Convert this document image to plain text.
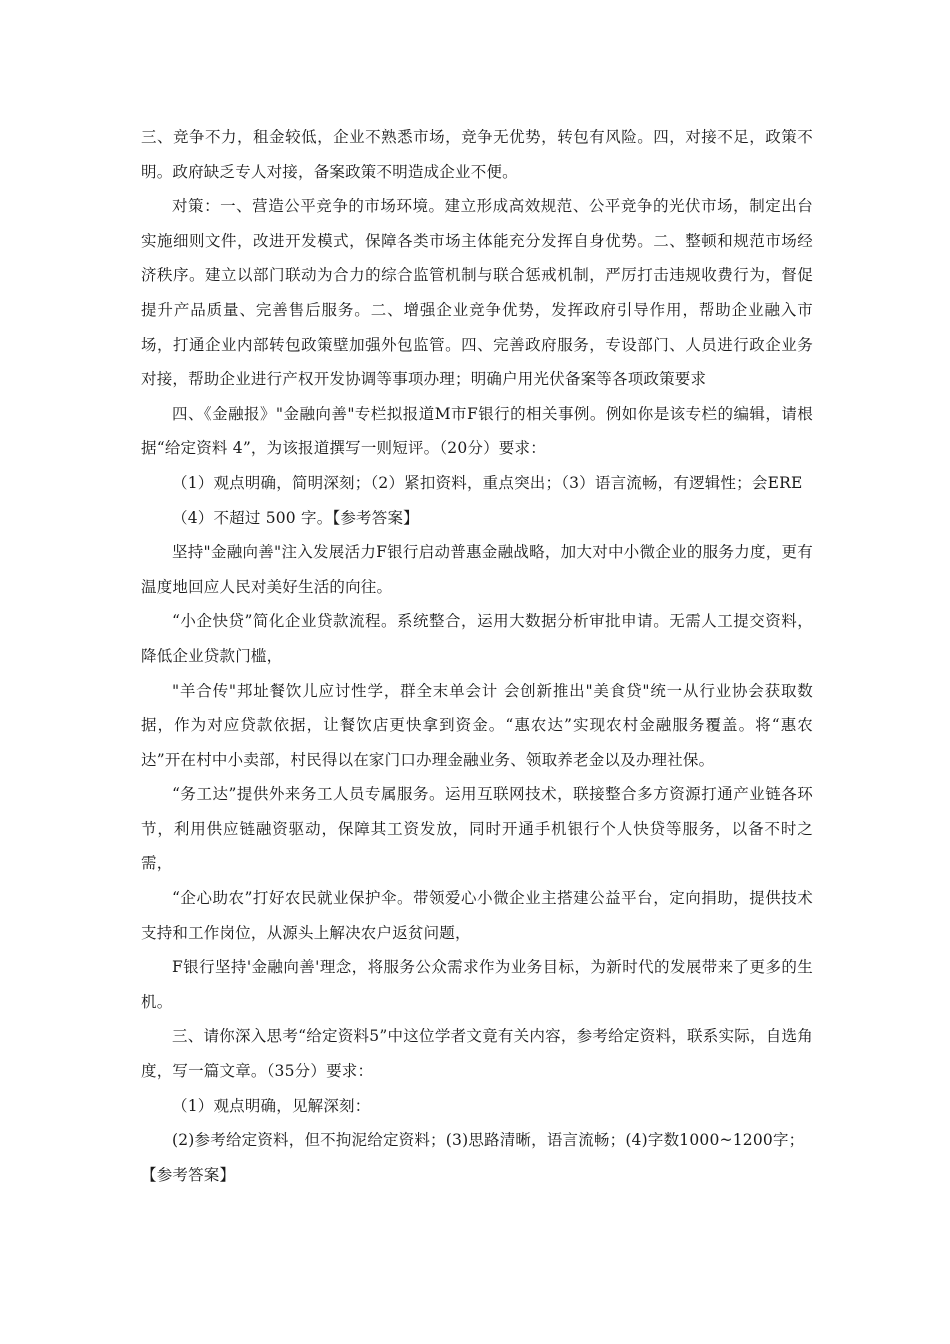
三、竞争不力，租金较低，企业不熟悉市场，竞争无优势，转包有风险。四，对接不足，政策不明。政府缺乏专人对接，备案政策不明造成企业不便。

对策：一、营造公平竞争的市场环境。建立形成高效规范、公平竞争的光伏市场，制定出台实施细则文件，改进开发模式，保障各类市场主体能充分发挥自身优势。二、整顿和规范市场经济秩序。建立以部门联动为合力的综合监管机制与联合惩戒机制，严厉打击违规收费行为，督促提升产品质量、完善售后服务。二、增强企业竞争优势，发挥政府引导作用，帮助企业融入市场，打通企业内部转包政策壁加强外包监管。四、完善政府服务，专设部门、人员进行政企业务对接，帮助企业进行产权开发协调等事项办理；明确户用光伏备案等各项政策要求

四、《金融报》"金融向善"专栏拟报道M市F银行的相关事例。例如你是该专栏的编辑，请根据“给定资料 4”，为该报道撰写一则短评。（20分）要求：

（1）观点明确，简明深刻；（2）紧扣资料，重点突出；（3）语言流畅，有逻辑性；会ERE

（4）不超过 500 字。【参考答案】

坚持"金融向善"注入发展活力F银行启动普惠金融战略，加大对中小微企业的服务力度，更有温度地回应人民对美好生活的向往。

“小企快贷”简化企业贷款流程。系统整合，运用大数据分析审批申请。无需人工提交资料，降低企业贷款门槛，

"羊合传"邦址餐饮儿应讨性学，群全末单会计 会创新推出"美食贷"统一从行业协会获取数据，作为对应贷款依据，让餐饮店更快拿到资金。“惠农达”实现农村金融服务覆盖。将“惠农达”开在村中小卖部，村民得以在家门口办理金融业务、领取养老金以及办理社保。

“务工达”提供外来务工人员专属服务。运用互联网技术，联接整合多方资源打通产业链各环节，利用供应链融资驱动，保障其工资发放，同时开通手机银行个人快贷等服务，以备不时之需，

“企心助农”打好农民就业保护伞。带领爱心小微企业主搭建公益平台，定向捐助，提供技术支持和工作岗位，从源头上解决农户返贫问题，

F银行坚持'金融向善'理念，将服务公众需求作为业务目标，为新时代的发展带来了更多的生机。

三、请你深入思考“给定资料5”中这位学者文竟有关内容，参考给定资料，联系实际，自选角度，写一篇文章。（35分）要求：

（1）观点明确，见解深刻：

(2)参考给定资料，但不拘泥给定资料；(3)思路清晰，语言流畅；(4)字数1000~1200字；

【参考答案】
